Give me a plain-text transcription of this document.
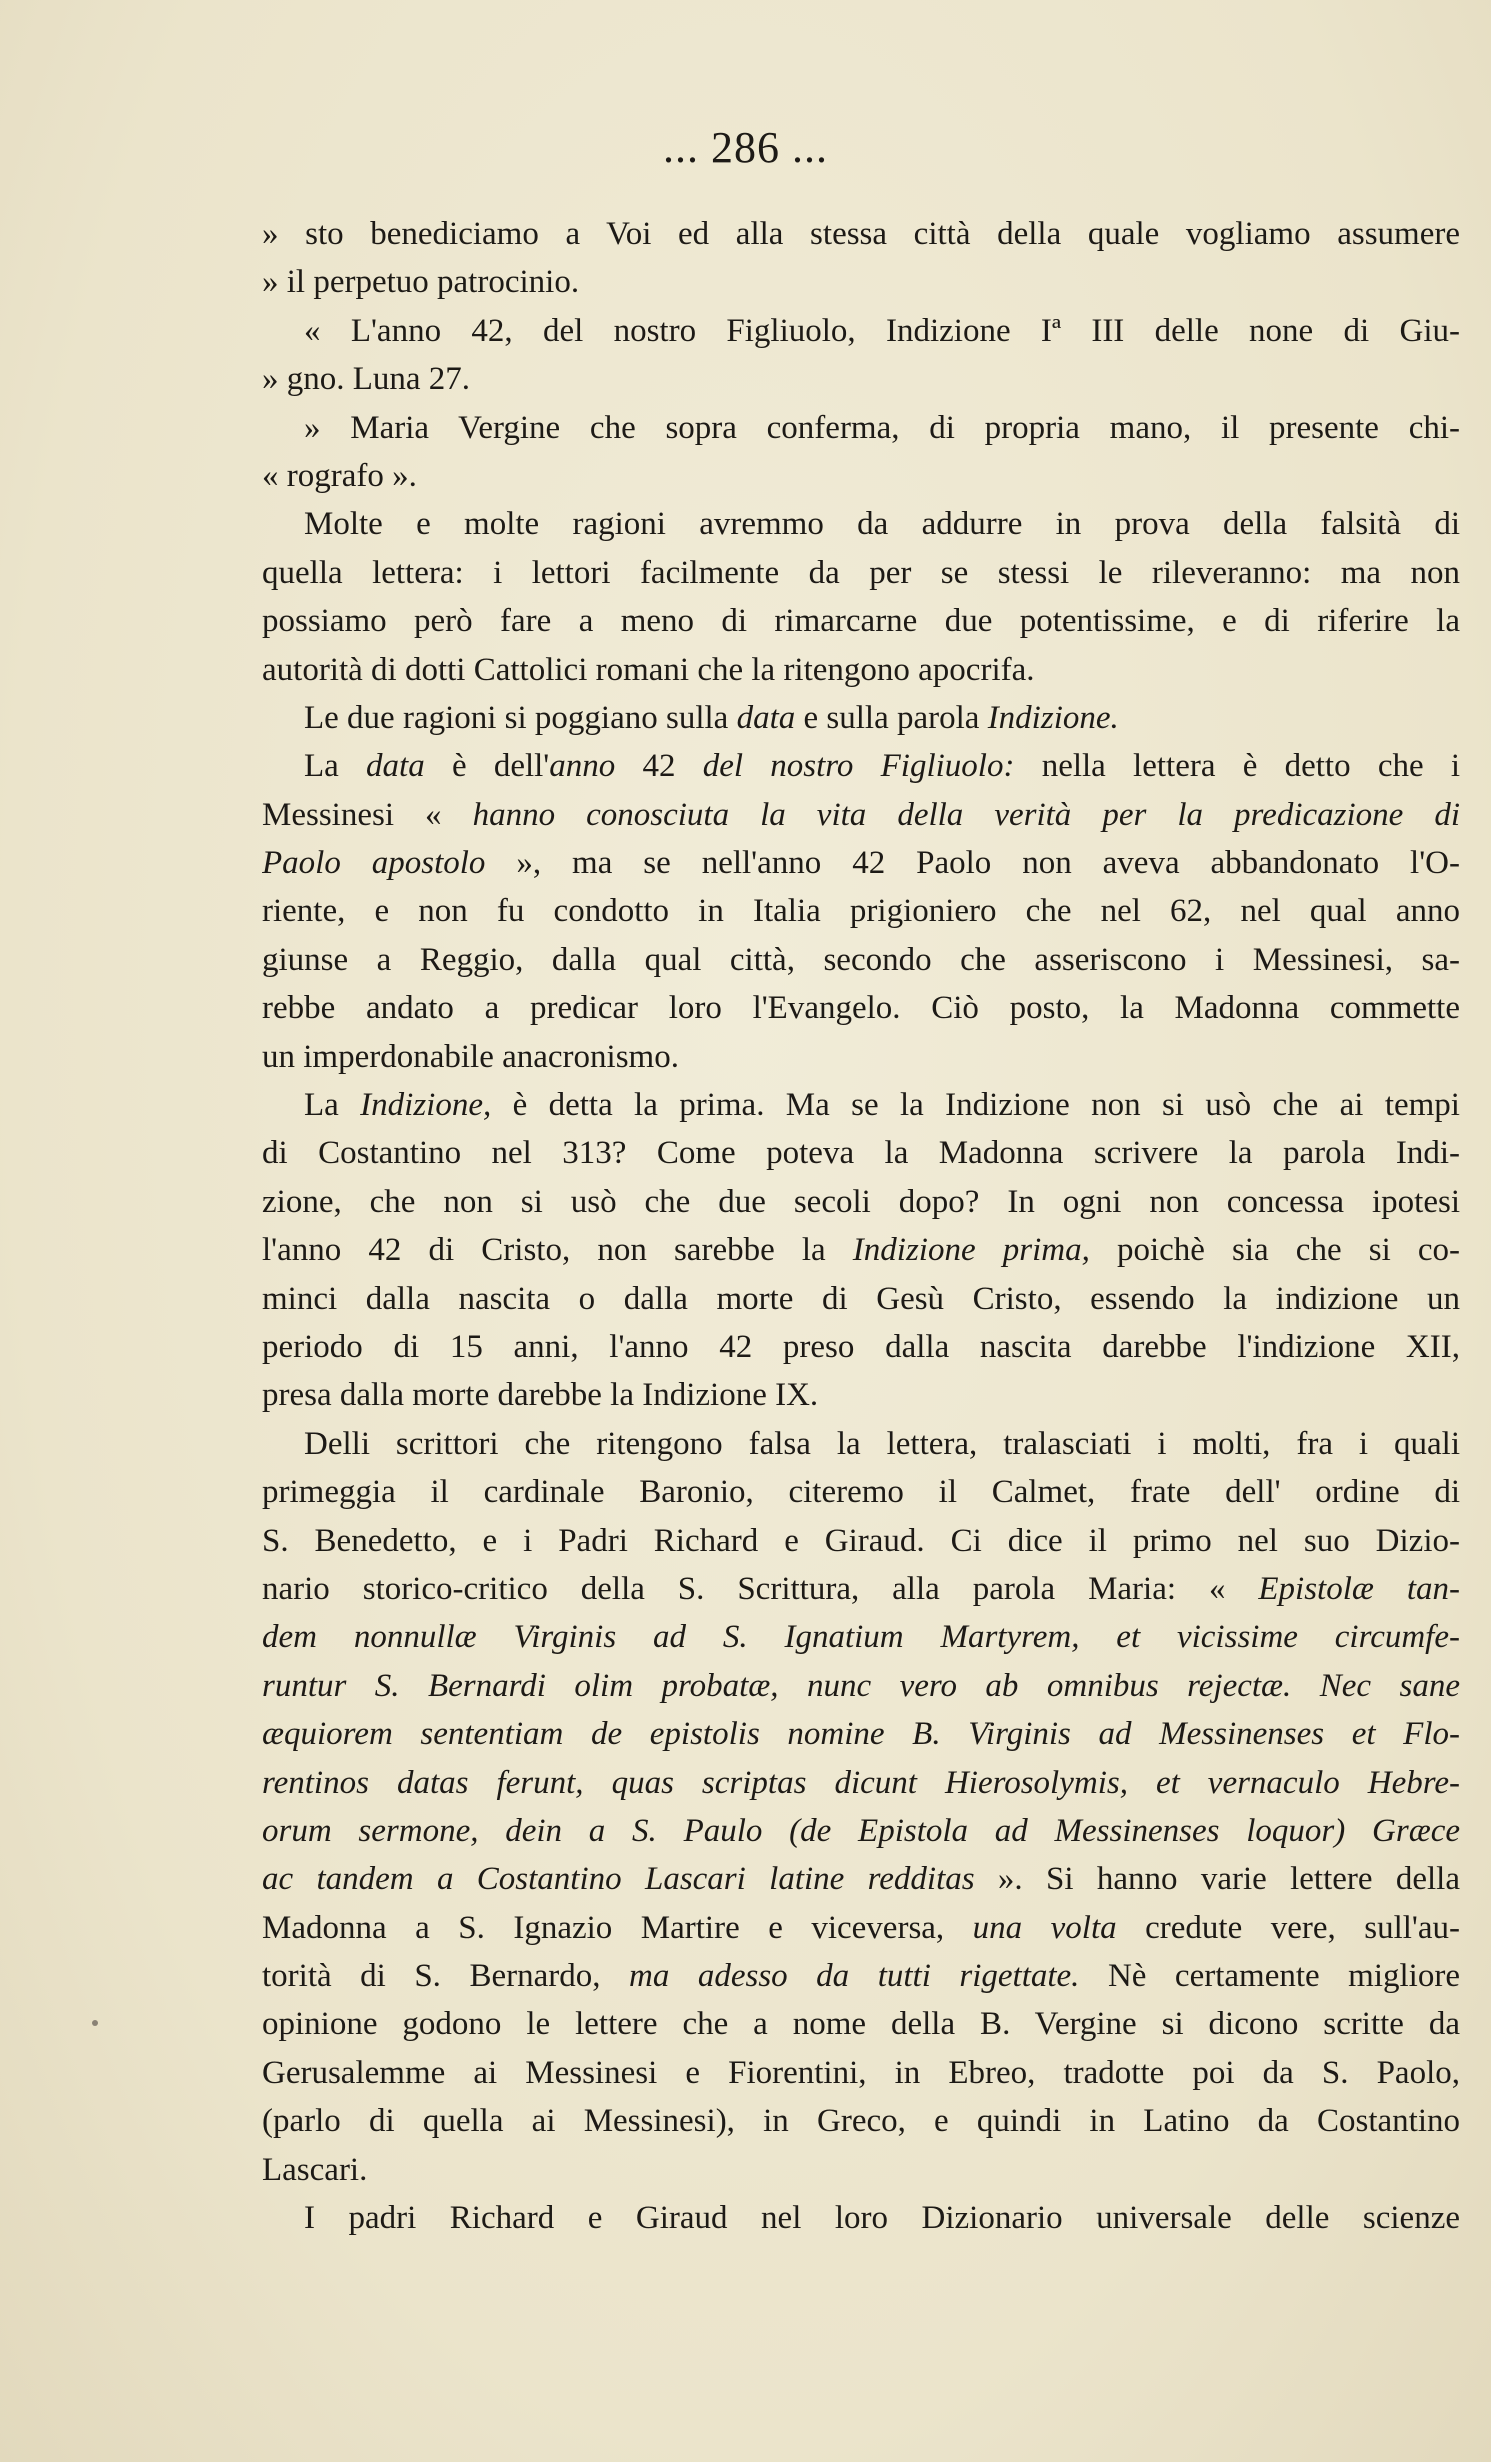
... 286 ...
» sto benediciamo a Voi ed alla stessa città della quale vogliamo assumere
» il perpetuo patrocinio.
« L'anno 42, del nostro Figliuolo, Indizione Iª III delle none di Giu-
» gno. Luna 27.
» Maria Vergine che sopra conferma, di propria mano, il presente chi-
« rografo ».
Molte e molte ragioni avremmo da addurre in prova della falsità di
quella lettera: i lettori facilmente da per se stessi le rileveranno: ma non
possiamo però fare a meno di rimarcarne due potentissime, e di riferire la
autorità di dotti Cattolici romani che la ritengono apocrifa.
Le due ragioni si poggiano sulla data e sulla parola Indizione.
La data è dell'anno 42 del nostro Figliuolo: nella lettera è detto che i
Messinesi « hanno conosciuta la vita della verità per la predicazione di
Paolo apostolo », ma se nell'anno 42 Paolo non aveva abbandonato l'O-
riente, e non fu condotto in Italia prigioniero che nel 62, nel qual anno
giunse a Reggio, dalla qual città, secondo che asseriscono i Messinesi, sa-
rebbe andato a predicar loro l'Evangelo. Ciò posto, la Madonna commette
un imperdonabile anacronismo.
La Indizione, è detta la prima. Ma se la Indizione non si usò che ai tempi
di Costantino nel 313? Come poteva la Madonna scrivere la parola Indi-
zione, che non si usò che due secoli dopo? In ogni non concessa ipotesi
l'anno 42 di Cristo, non sarebbe la Indizione prima, poichè sia che si co-
minci dalla nascita o dalla morte di Gesù Cristo, essendo la indizione un
periodo di 15 anni, l'anno 42 preso dalla nascita darebbe l'indizione XII,
presa dalla morte darebbe la Indizione IX.
Delli scrittori che ritengono falsa la lettera, tralasciati i molti, fra i quali
primeggia il cardinale Baronio, citeremo il Calmet, frate dell' ordine di
S. Benedetto, e i Padri Richard e Giraud. Ci dice il primo nel suo Dizio-
nario storico-critico della S. Scrittura, alla parola Maria: « Epistolæ tan-
dem nonnullæ Virginis ad S. Ignatium Martyrem, et vicissime circumfe-
runtur S. Bernardi olim probatæ, nunc vero ab omnibus rejectæ. Nec sane
æquiorem sententiam de epistolis nomine B. Virginis ad Messinenses et Flo-
rentinos datas ferunt, quas scriptas dicunt Hierosolymis, et vernaculo Hebre-
orum sermone, dein a S. Paulo (de Epistola ad Messinenses loquor) Græce
ac tandem a Costantino Lascari latine redditas ». Si hanno varie lettere della
Madonna a S. Ignazio Martire e viceversa, una volta credute vere, sull'au-
torità di S. Bernardo, ma adesso da tutti rigettate. Nè certamente migliore
opinione godono le lettere che a nome della B. Vergine si dicono scritte da
Gerusalemme ai Messinesi e Fiorentini, in Ebreo, tradotte poi da S. Paolo,
(parlo di quella ai Messinesi), in Greco, e quindi in Latino da Costantino
Lascari.
I padri Richard e Giraud nel loro Dizionario universale delle scienze
